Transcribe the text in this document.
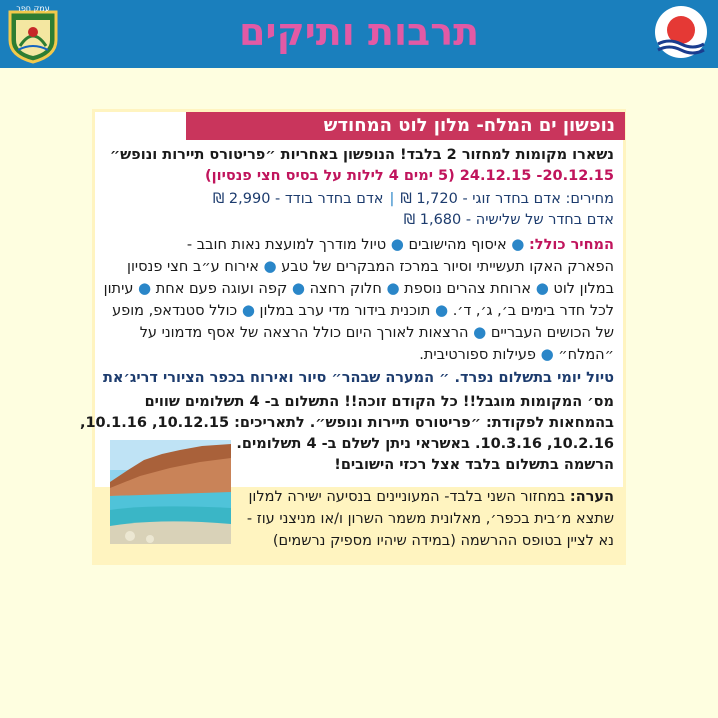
עמק חפר
תרבות ותיקים
נופשון ים המלח- מלון לוט המחודש
נשארו מקומות למחזור 2 בלבד! הנופשון באחריות ״פריטורס תיירות ונופש״
20.12.15- 24.12.15 (5 ימים 4 לילות על בסיס חצי פנסיון)
מחירים: אדם בחדר זוגי - 1,720 ₪|אדם בחדר בודד - 2,990 ₪
אדם בחדר של שלישיה - 1,680 ₪
המחיר כולל: ● איסוף מהישובים ● טיול מודרך למועצת נאות חובב -
הפארק האקו תעשייתי וסיור במרכז המבקרים של טבע ● אירוח ע״ב חצי פנסיון
במלון לוט ● ארוחת צהרים נוספת ● חלוק רחצה ● קפה ועוגה פעם אחת ● עיתון
לכל חדר בימים ב׳, ג׳, ד׳. ● תוכנית בידור מדי ערב במלון ● כולל סטנדאפ, מופע
של הכושים העבריים ● הרצאות לאורך היום כולל הרצאה של אסף מדמוני על
״המלח״ ● פעילות ספורטיבית.
טיול יומי בתשלום נפרד. ״ המערה שבהר״ סיור ואירוח בכפר הציורי דריג׳את
מס׳ המקומות מוגבל!! כל הקודם זוכה!! התשלום ב- 4 תשלומים שווים
בהמחאות לפקודת: ״פריטורס תיירות ונופש״. לתאריכים: 10.12.15, 10.1.16,
10.2.16, 10.3.16. באשראי ניתן לשלם ב- 4 תשלומים.
הרשמה בתשלום בלבד אצל רכזי הישובים!
הערה: במחזור השני בלבד- המעוניינים בנסיעה ישירה למלון
שתצא מ׳בית בכפר׳, מאלונית משמר השרון ו/או מניצני עוז -
נא לציין בטופס ההרשמה (במידה שיהיו מספיק נרשמים)
